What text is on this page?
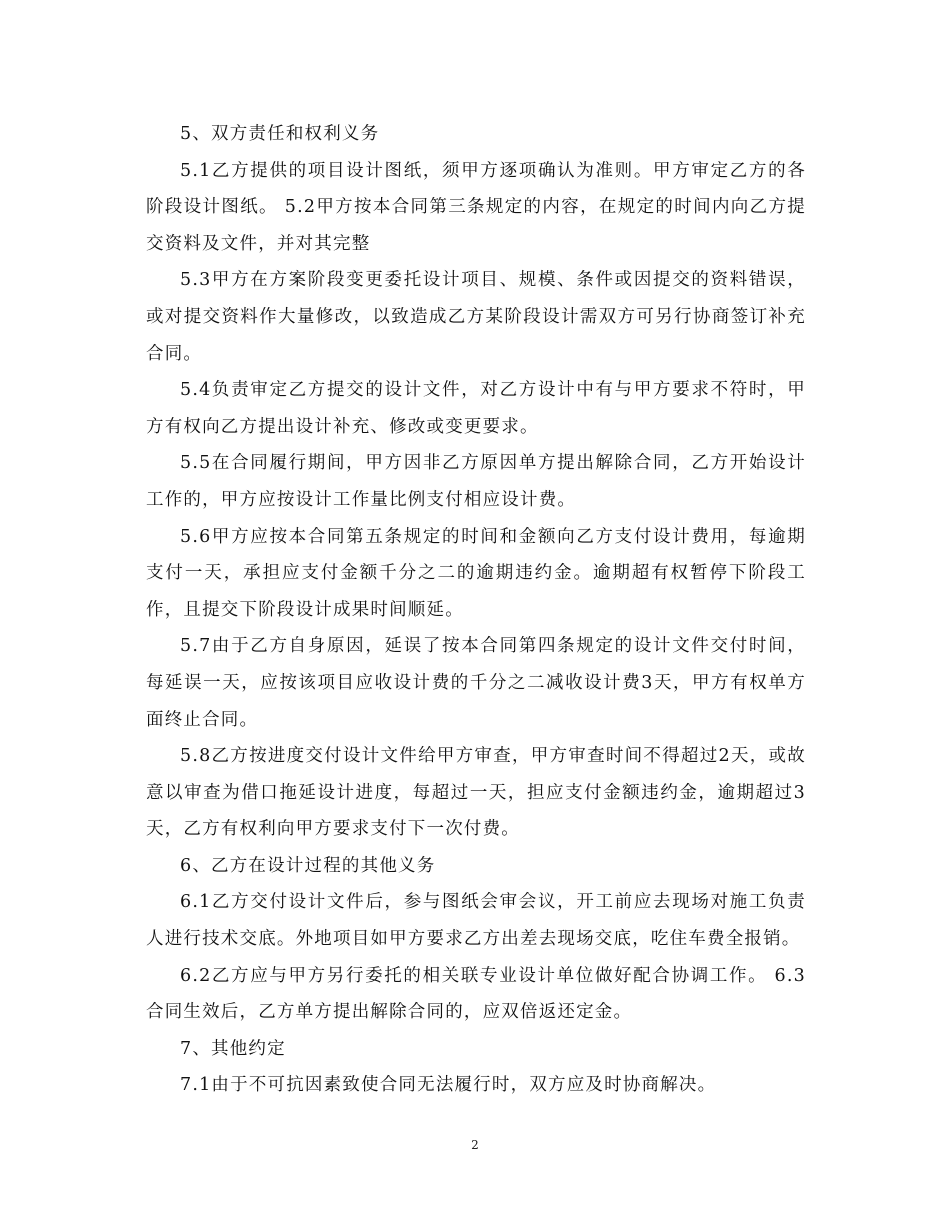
5、双方责任和权利义务

5.1乙方提供的项目设计图纸，须甲方逐项确认为准则。甲方审定乙方的各阶段设计图纸。 5.2甲方按本合同第三条规定的内容，在规定的时间内向乙方提交资料及文件，并对其完整

5.3甲方在方案阶段变更委托设计项目、规模、条件或因提交的资料错误，或对提交资料作大量修改，以致造成乙方某阶段设计需双方可另行协商签订补充合同。

5.4负责审定乙方提交的设计文件，对乙方设计中有与甲方要求不符时，甲方有权向乙方提出设计补充、修改或变更要求。

5.5在合同履行期间，甲方因非乙方原因单方提出解除合同，乙方开始设计工作的，甲方应按设计工作量比例支付相应设计费。

5.6甲方应按本合同第五条规定的时间和金额向乙方支付设计费用，每逾期支付一天，承担应支付金额千分之二的逾期违约金。逾期超有权暂停下阶段工作，且提交下阶段设计成果时间顺延。

5.7由于乙方自身原因，延误了按本合同第四条规定的设计文件交付时间，每延误一天，应按该项目应收设计费的千分之二减收设计费3天，甲方有权单方面终止合同。

5.8乙方按进度交付设计文件给甲方审查，甲方审查时间不得超过2天，或故意以审查为借口拖延设计进度，每超过一天，担应支付金额违约金，逾期超过3天，乙方有权利向甲方要求支付下一次付费。

6、乙方在设计过程的其他义务

6.1乙方交付设计文件后，参与图纸会审会议，开工前应去现场对施工负责人进行技术交底。外地项目如甲方要求乙方出差去现场交底，吃住车费全报销。

6.2乙方应与甲方另行委托的相关联专业设计单位做好配合协调工作。 6.3合同生效后，乙方单方提出解除合同的，应双倍返还定金。

7、其他约定

7.1由于不可抗因素致使合同无法履行时，双方应及时协商解决。

2
